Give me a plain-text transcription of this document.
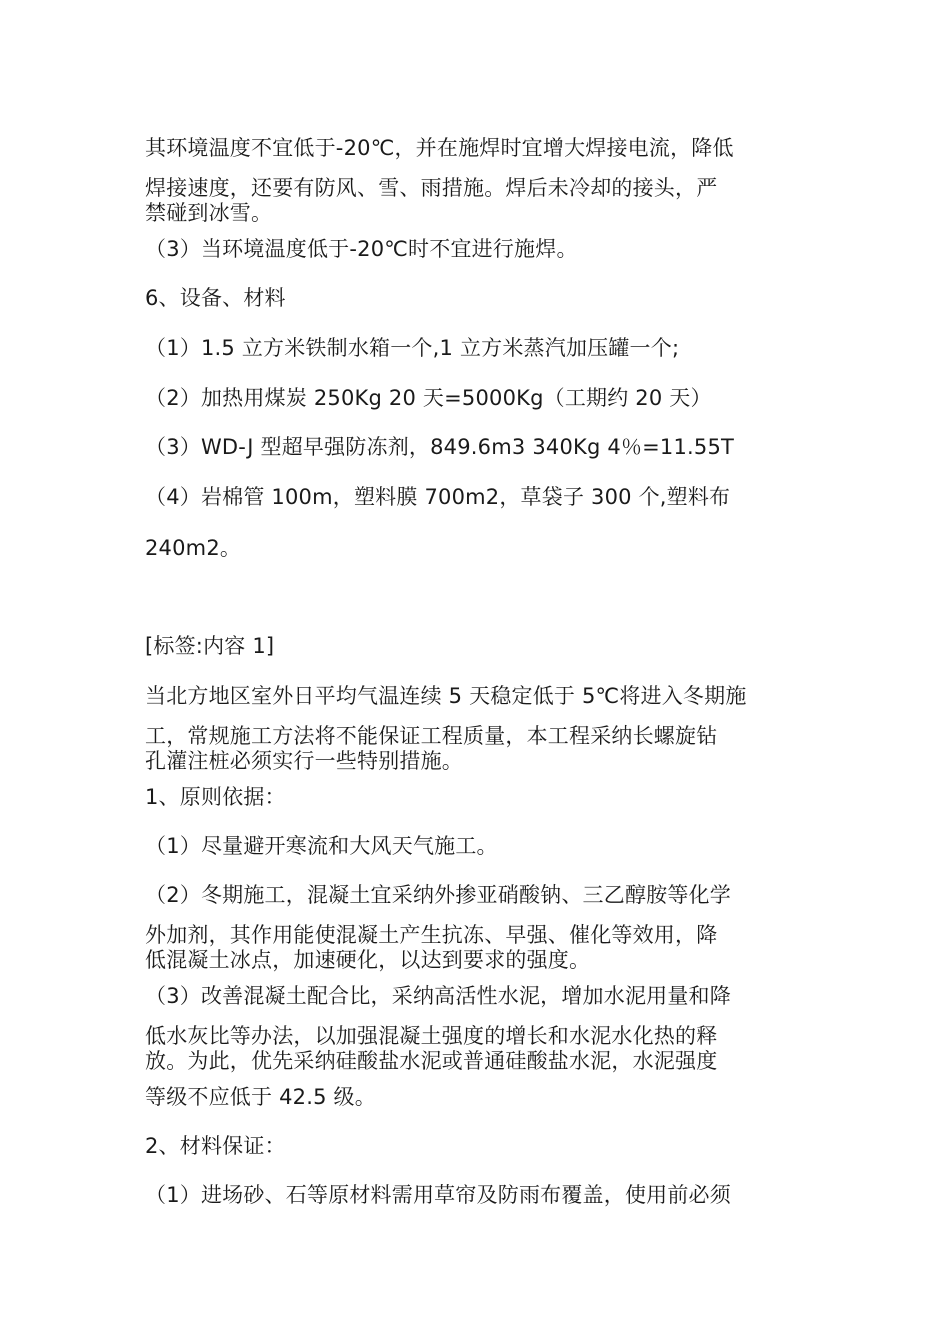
其环境温度不宜低于-20℃，并在施焊时宜增大焊接电流，降低
焊接速度，还要有防风、雪、雨措施。焊后未冷却的接头，严
禁碰到冰雪。
（3）当环境温度低于-20℃时不宜进行施焊。
6、设备、材料
（1）1.5 立方米铁制水箱一个,1 立方米蒸汽加压罐一个;
（2）加热用煤炭 250Kg 20 天=5000Kg（工期约 20 天）
（3）WD-J 型超早强防冻剂，849.6m3 340Kg 4％=11.55T
（4）岩棉管 100m，塑料膜 700m2，草袋子 300 个,塑料布
240m2。
[标签:内容 1]
当北方地区室外日平均气温连续 5 天稳定低于 5℃将进入冬期施
工，常规施工方法将不能保证工程质量，本工程采纳长螺旋钻
孔灌注桩必须实行一些特别措施。
1、原则依据：
（1）尽量避开寒流和大风天气施工。
（2）冬期施工，混凝土宜采纳外掺亚硝酸钠、三乙醇胺等化学
外加剂，其作用能使混凝土产生抗冻、早强、催化等效用，降
低混凝土冰点，加速硬化，以达到要求的强度。
（3）改善混凝土配合比，采纳高活性水泥，增加水泥用量和降
低水灰比等办法，以加强混凝土强度的增长和水泥水化热的释
放。为此，优先采纳硅酸盐水泥或普通硅酸盐水泥，水泥强度
等级不应低于 42.5 级。
2、材料保证：
（1）进场砂、石等原材料需用草帘及防雨布覆盖，使用前必须
